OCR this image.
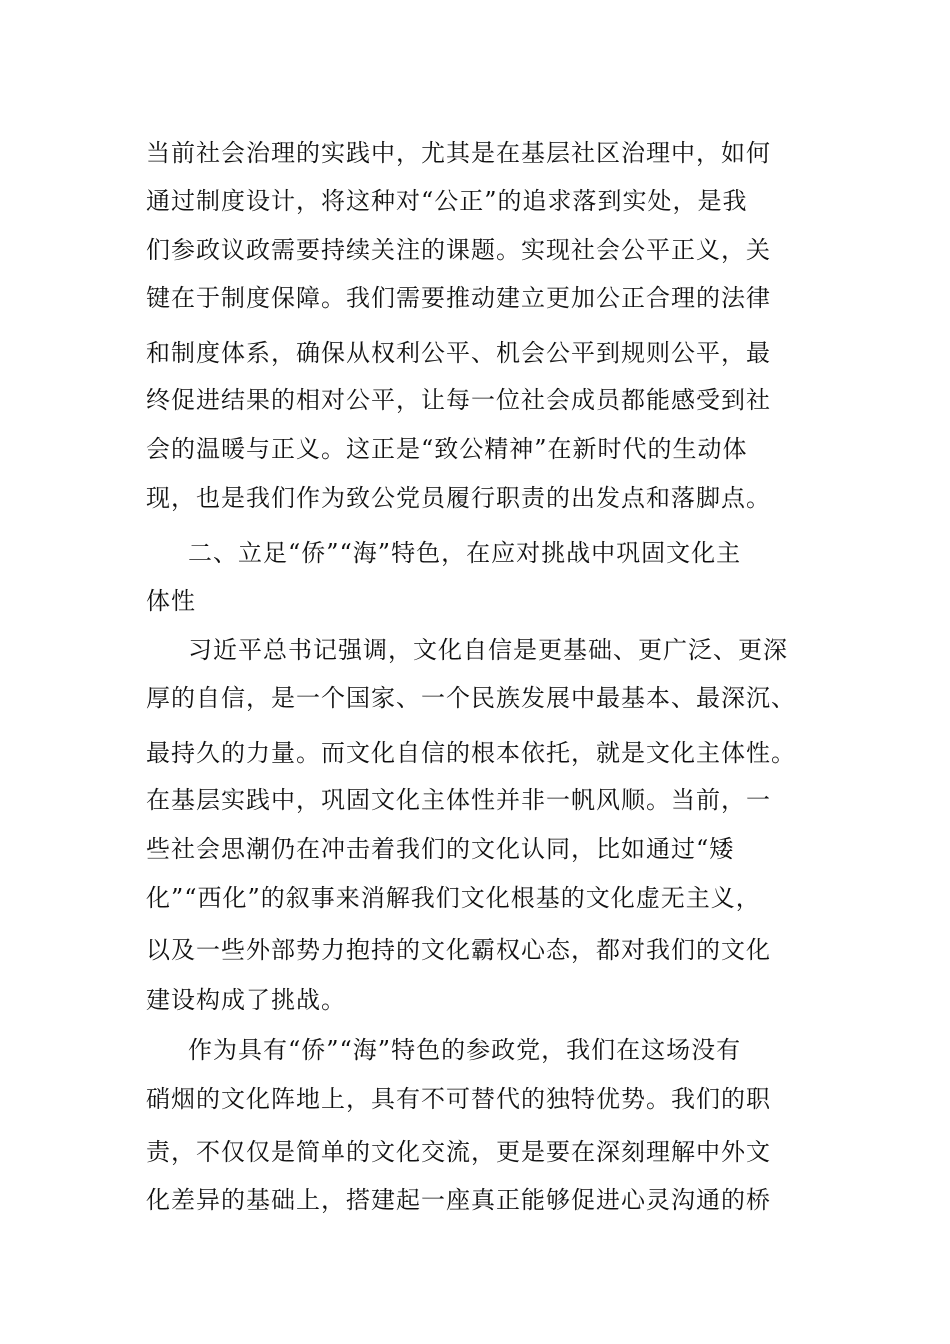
当前社会治理的实践中，尤其是在基层社区治理中，如何
通过制度设计，将这种对“公正”的追求落到实处，是我
们参政议政需要持续关注的课题。实现社会公平正义，关
键在于制度保障。我们需要推动建立更加公正合理的法律
和制度体系，确保从权利公平、机会公平到规则公平，最
终促进结果的相对公平，让每一位社会成员都能感受到社
会的温暖与正义。这正是“致公精神”在新时代的生动体
现，也是我们作为致公党员履行职责的出发点和落脚点。
二、立足“侨”“海”特色，在应对挑战中巩固文化主
体性
习近平总书记强调，文化自信是更基础、更广泛、更深
厚的自信，是一个国家、一个民族发展中最基本、最深沉、
最持久的力量。而文化自信的根本依托，就是文化主体性。
在基层实践中，巩固文化主体性并非一帆风顺。当前，一
些社会思潮仍在冲击着我们的文化认同，比如通过“矮
化”“西化”的叙事来消解我们文化根基的文化虚无主义，
以及一些外部势力抱持的文化霸权心态，都对我们的文化
建设构成了挑战。
作为具有“侨”“海”特色的参政党，我们在这场没有
硝烟的文化阵地上，具有不可替代的独特优势。我们的职
责，不仅仅是简单的文化交流，更是要在深刻理解中外文
化差异的基础上，搭建起一座真正能够促进心灵沟通的桥
